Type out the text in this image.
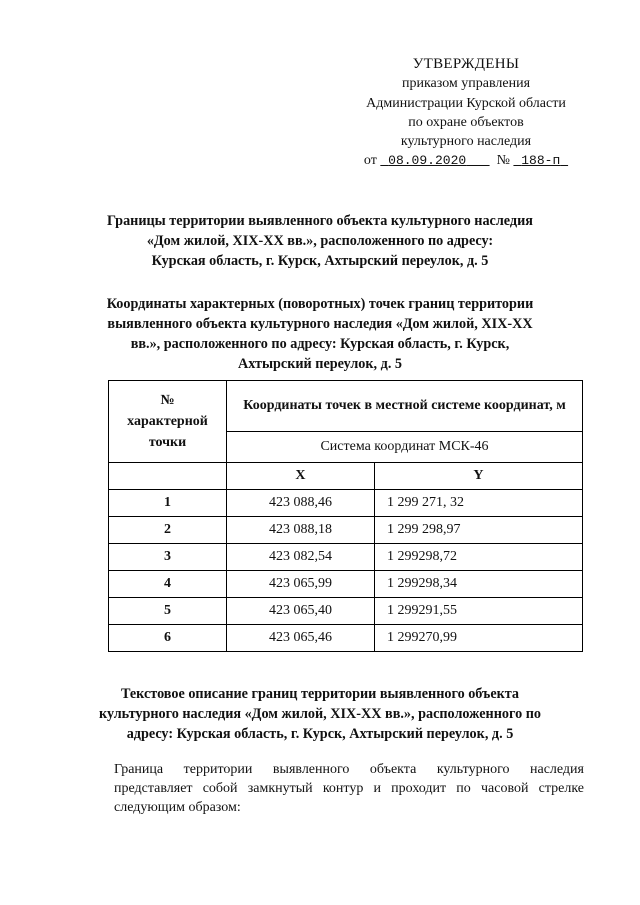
УТВЕРЖДЕНЫ
приказом управления
Администрации Курской области
по охране объектов
культурного наследия
от 08.09.2020 № 188-п
Границы территории выявленного объекта культурного наследия
«Дом жилой, XIX-XX вв.», расположенного по адресу:
Курская область, г. Курск, Ахтырский переулок, д. 5
Координаты характерных (поворотных) точек границ территории
выявленного объекта культурного наследия «Дом жилой, XIX-XX
вв.», расположенного по адресу: Курская область, г. Курск,
Ахтырский переулок, д. 5
№
характерной
точки	Координаты точек в местной системе координат, м	
	Система координат МСК-46	
	X	Y
1	423 088,46	1 299 271, 32
2	423 088,18	1 299 298,97
3	423 082,54	1 299298,72
4	423 065,99	1 299298,34
5	423 065,40	1 299291,55
6	423 065,46	1 299270,99
Текстовое описание границ территории выявленного объекта
культурного наследия «Дом жилой, XIX-XX вв.», расположенного по
адресу: Курская область, г. Курск, Ахтырский переулок, д. 5
Граница территории выявленного объекта культурного наследия
представляет собой замкнутый контур и проходит по часовой стрелке
следующим образом:
